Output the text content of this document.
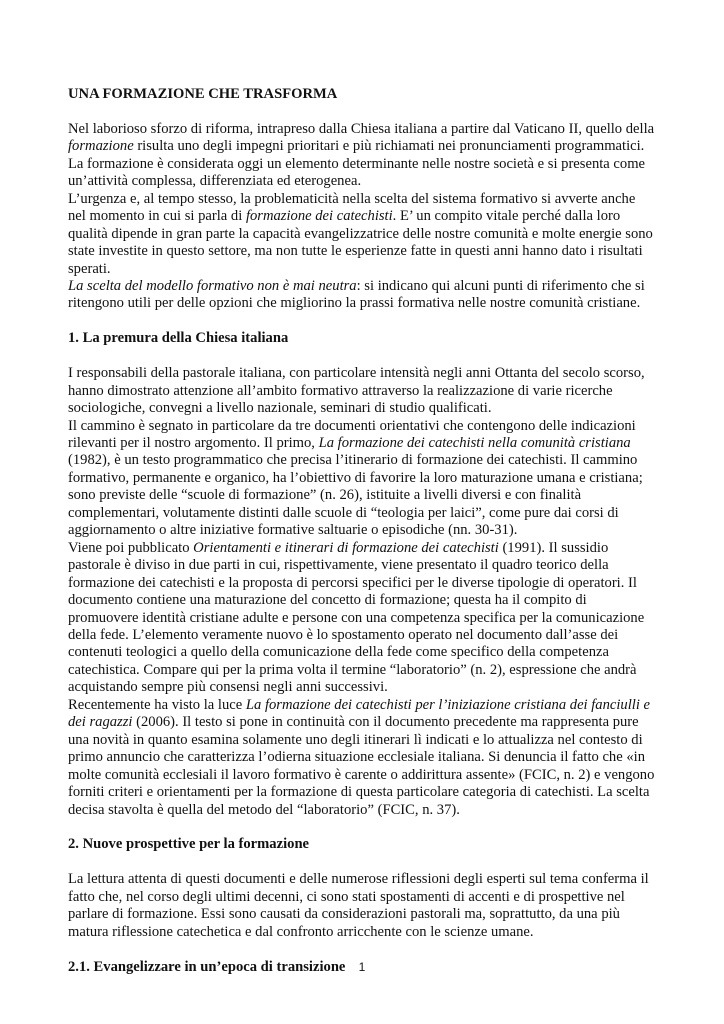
UNA FORMAZIONE CHE TRASFORMA

Nel laborioso sforzo di riforma, intrapreso dalla Chiesa italiana a partire dal Vaticano II, quello della formazione risulta uno degli impegni prioritari e più richiamati nei pronunciamenti programmatici. La formazione è considerata oggi un elemento determinante nelle nostre società e si presenta come un’attività complessa, differenziata ed eterogenea.

L’urgenza e, al tempo stesso, la problematicità nella scelta del sistema formativo si avverte anche nel momento in cui si parla di formazione dei catechisti. E’ un compito vitale perché dalla loro qualità dipende in gran parte la capacità evangelizzatrice delle nostre comunità e molte energie sono state investite in questo settore, ma non tutte le esperienze fatte in questi anni hanno dato i risultati sperati.

La scelta del modello formativo non è mai neutra: si indicano qui alcuni punti di riferimento che si ritengono utili per delle opzioni che migliorino la prassi formativa nelle nostre comunità cristiane.

1. La premura della Chiesa italiana

I responsabili della pastorale italiana, con particolare intensità negli anni Ottanta del secolo scorso, hanno dimostrato attenzione all’ambito formativo attraverso la realizzazione di varie ricerche sociologiche, convegni a livello nazionale, seminari di studio qualificati.

Il cammino è segnato in particolare da tre documenti orientativi che contengono delle indicazioni rilevanti per il nostro argomento. Il primo, La formazione dei catechisti nella comunità cristiana (1982), è un testo programmatico che precisa l’itinerario di formazione dei catechisti. Il cammino formativo, permanente e organico, ha l’obiettivo di favorire la loro maturazione umana e cristiana; sono previste delle “scuole di formazione” (n. 26), istituite a livelli diversi e con finalità complementari, volutamente distinti dalle scuole di “teologia per laici”, come pure dai corsi di aggiornamento o altre iniziative formative saltuarie o episodiche (nn. 30-31).

Viene poi pubblicato Orientamenti e itinerari di formazione dei catechisti (1991). Il sussidio pastorale è diviso in due parti in cui, rispettivamente, viene presentato il quadro teorico della formazione dei catechisti e la proposta di percorsi specifici per le diverse tipologie di operatori. Il documento contiene una maturazione del concetto di formazione; questa ha il compito di promuovere identità cristiane adulte e persone con una competenza specifica per la comunicazione della fede. L’elemento veramente nuovo è lo spostamento operato nel documento dall’asse dei contenuti teologici a quello della comunicazione della fede come specifico della competenza catechistica. Compare qui per la prima volta il termine “laboratorio” (n. 2), espressione che andrà acquistando sempre più consensi negli anni successivi.

Recentemente ha visto la luce La formazione dei catechisti per l’iniziazione cristiana dei fanciulli e dei ragazzi (2006). Il testo si pone in continuità con il documento precedente ma rappresenta pure una novità in quanto esamina solamente uno degli itinerari lì indicati e lo attualizza nel contesto di primo annuncio che caratterizza l’odierna situazione ecclesiale italiana. Si denuncia il fatto che «in molte comunità ecclesiali il lavoro formativo è carente o addirittura assente» (FCIC, n. 2) e vengono forniti criteri e orientamenti per la formazione di questa particolare categoria di catechisti. La scelta decisa stavolta è quella del metodo del “laboratorio” (FCIC, n. 37).

2. Nuove prospettive per la formazione

La lettura attenta di questi documenti e delle numerose riflessioni degli esperti sul tema conferma il fatto che, nel corso degli ultimi decenni, ci sono stati spostamenti di accenti e di prospettive nel parlare di formazione. Essi sono causati da considerazioni pastorali ma, soprattutto, da una più matura riflessione catechetica e dal confronto arricchente con le scienze umane.

2.1. Evangelizzare in un’epoca di transizione	1
